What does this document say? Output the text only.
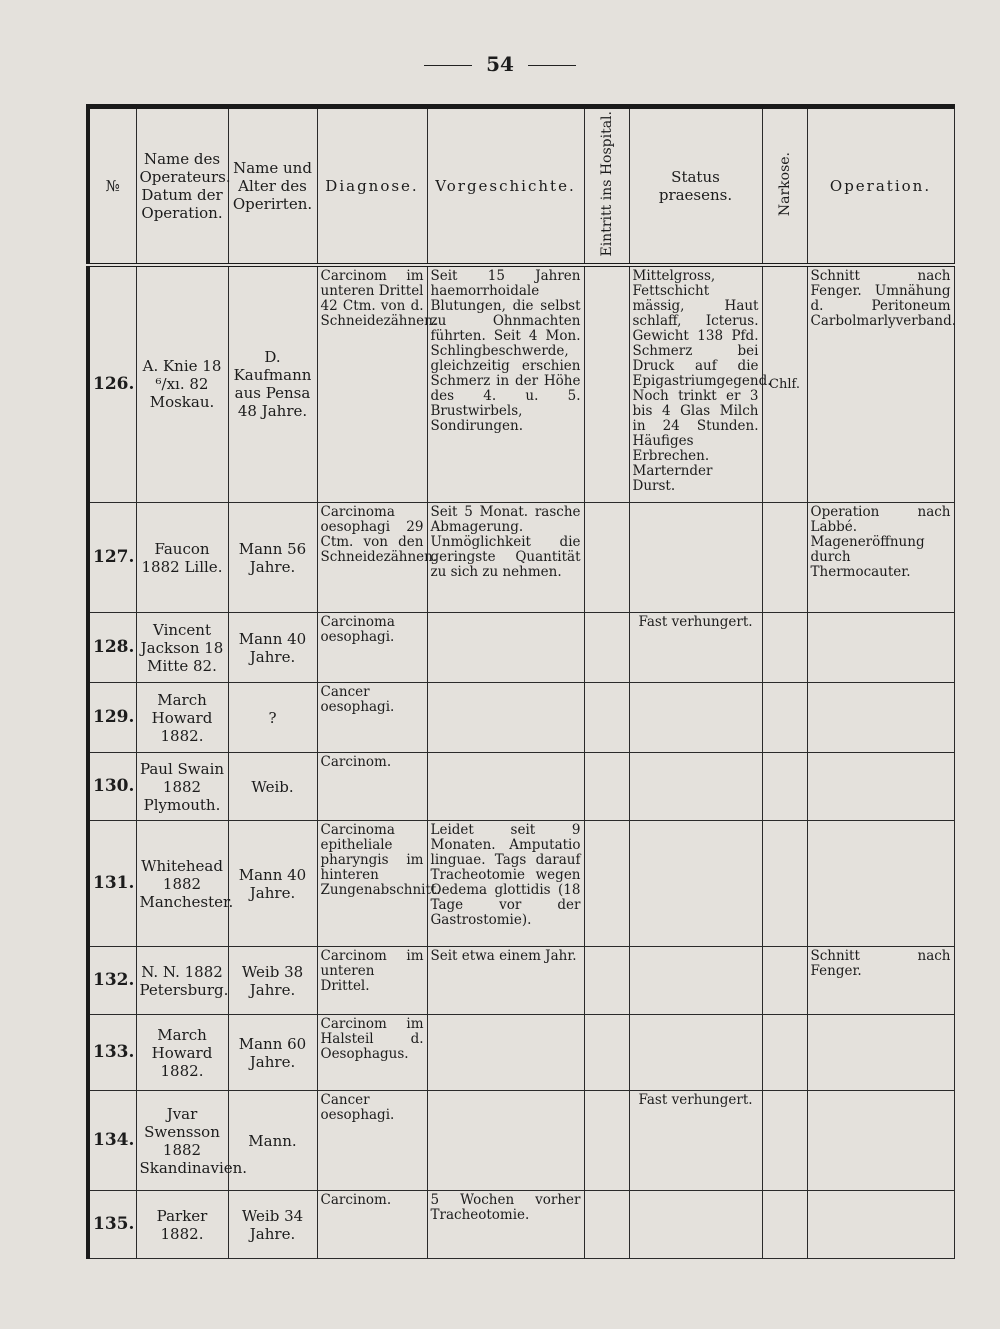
54
№	Name des Operateurs. Datum der Operation.	Name und Alter des Operirten.	Diagnose.	Vorgeschichte.	Eintritt ins Hospital.	Status praesens.	Narkose.	Operation.
126.	A. Knie 18 ⁶/xı. 82 Moskau.	D. Kaufmann aus Pensa 48 Jahre.	Carcinom im unteren Drittel 42 Ctm. von d. Schneidezähnen.	Seit 15 Jahren haemorrhoidale Blutungen, die selbst zu Ohnmachten führten. Seit 4 Mon. Schlingbeschwerde, gleichzeitig erschien Schmerz in der Höhe des 4. u. 5. Brustwirbels, Sondirungen.		Mittelgross, Fettschicht mässig, Haut schlaff, Icterus. Gewicht 138 Pfd. Schmerz bei Druck auf die Epigastriumgegend. Noch trinkt er 3 bis 4 Glas Milch in 24 Stunden. Häufiges Erbrechen. Marternder Durst.	Chlf.	Schnitt nach Fenger. Umnähung d. Peritoneum Carbolmarlyverband.
127.	Faucon 1882 Lille.	Mann 56 Jahre.	Carcinoma oesophagi 29 Ctm. von den Schneidezähnen.	Seit 5 Monat. rasche Abmagerung. Unmöglichkeit die geringste Quantität zu sich zu nehmen.				Operation nach Labbé. Mageneröffnung durch Thermocauter.
128.	Vincent Jackson 18 Mitte 82.	Mann 40 Jahre.	Carcinoma oesophagi.			Fast verhungert.		
129.	March Howard 1882.	?	Cancer oesophagi.					
130.	Paul Swain 1882 Plymouth.	Weib.	Carcinom.					
131.	Whitehead 1882 Manchester.	Mann 40 Jahre.	Carcinoma epitheliale pharyngis im hinteren Zungenabschnitt.	Leidet seit 9 Monaten. Amputatio linguae. Tags darauf Tracheotomie wegen Oedema glottidis (18 Tage vor der Gastrostomie).				
132.	N. N. 1882 Petersburg.	Weib 38 Jahre.	Carcinom im unteren Drittel.	Seit etwa einem Jahr.				Schnitt nach Fenger.
133.	March Howard 1882.	Mann 60 Jahre.	Carcinom im Halsteil d. Oesophagus.					
134.	Jvar Swensson 1882 Skandinavien.	Mann.	Cancer oesophagi.			Fast verhungert.		
135.	Parker 1882.	Weib 34 Jahre.	Carcinom.	5 Wochen vorher Tracheotomie.				
